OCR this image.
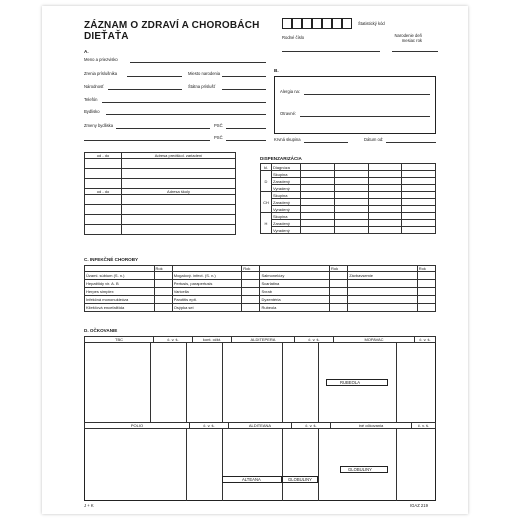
ZÁZNAM O ZDRAVÍ A CHOROBÁCH
DIEŤAŤA
Štatistický kód
Rodné číslo	Narodenie deň mesiac rok
A.
Meno a priezvisko
Zrenia príslušnika	Miesto narodenia
Národnosť	Štátna príslušť
Telefón
Bydlisko
PSČ
Zmeny bydliska
PSČ
B.
Alergia na:
Otravné:
Krvná skupina	Dátum od:
od - do	Adresa predškol. zariadení

od - do	Adresa školy

DISPENZARIZÁCIA
kl.	Diagnóza				
D	Skupina				
	Zaradený				
	Vyradený				
CH	Skupina				
	Zaradený				
	Vyradený				
H	Skupina				
	Zaradený				
	Vyradený				
C. INFEKČNÉ CHOROBY
	Rok		Rok		Rok		Rok
Úzami. súbium (S. n.)		Mogalový. infect. (S. n.)		Salmonelózy		Závbavsemie	
Hepatitídy vir. A. B		Pertusis, parapertusis		Scarlatina			
Herpes simplex		Varicella		Svrab			
Infekčná mononukleóza		Parotitis epit.		Dyzentéria			
Kliešťová encefalitída		Osýpka sei		Rubeola			
D. OČKOVANIE
TBC	č. v. š.	kont. očkt.	ALDITEPERA	č. v. š.	MOPAVAC	č. v. š.
RUBEOLA
POLIO	č. v. š.	ALDITEANA	č. v. š.	iné očkovania	č. v. š.
GLOBULINY
ALTEANA	GLOBULINY
J + K	IGAZ 219
